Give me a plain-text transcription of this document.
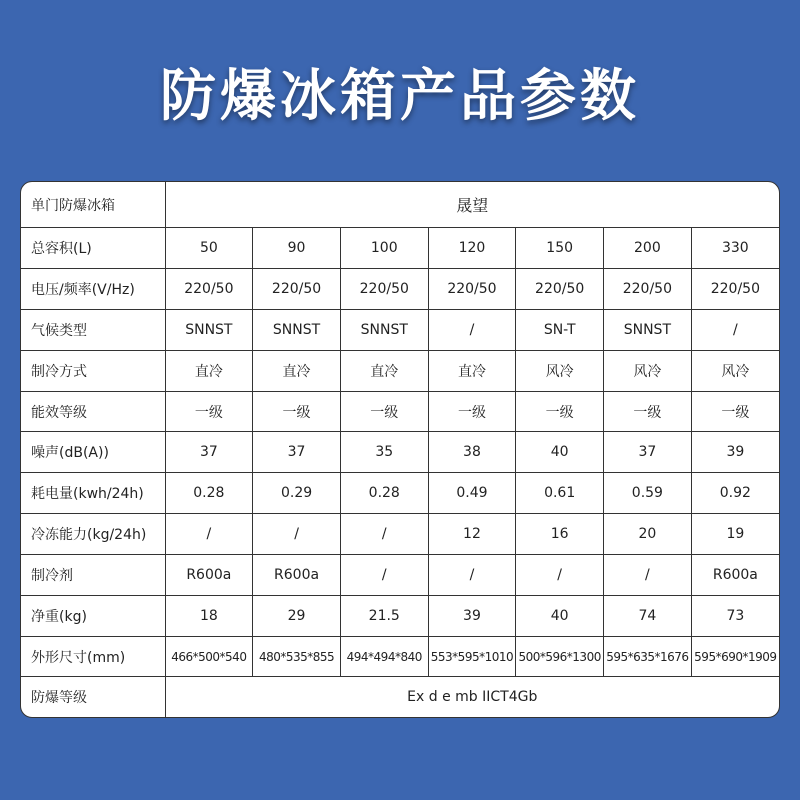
防爆冰箱产品参数
单门防爆冰箱	晟望						
总容积(L)	50	90	100	120	150	200	330
电压/频率(V/Hz)	220/50	220/50	220/50	220/50	220/50	220/50	220/50
气候类型	SNNST	SNNST	SNNST	/	SN-T	SNNST	/
制冷方式	直冷	直冷	直冷	直冷	风冷	风冷	风冷
能效等级	一级	一级	一级	一级	一级	一级	一级
噪声(dB(A))	37	37	35	38	40	37	39
耗电量(kwh/24h)	0.28	0.29	0.28	0.49	0.61	0.59	0.92
冷冻能力(kg/24h)	/	/	/	12	16	20	19
制冷剂	R600a	R600a	/	/	/	/	R600a
净重(kg)	18	29	21.5	39	40	74	73
外形尺寸(mm)	466*500*540	480*535*855	494*494*840	553*595*1010	500*596*1300	595*635*1676	595*690*1909
防爆等级	Ex d e mb IICT4Gb						
